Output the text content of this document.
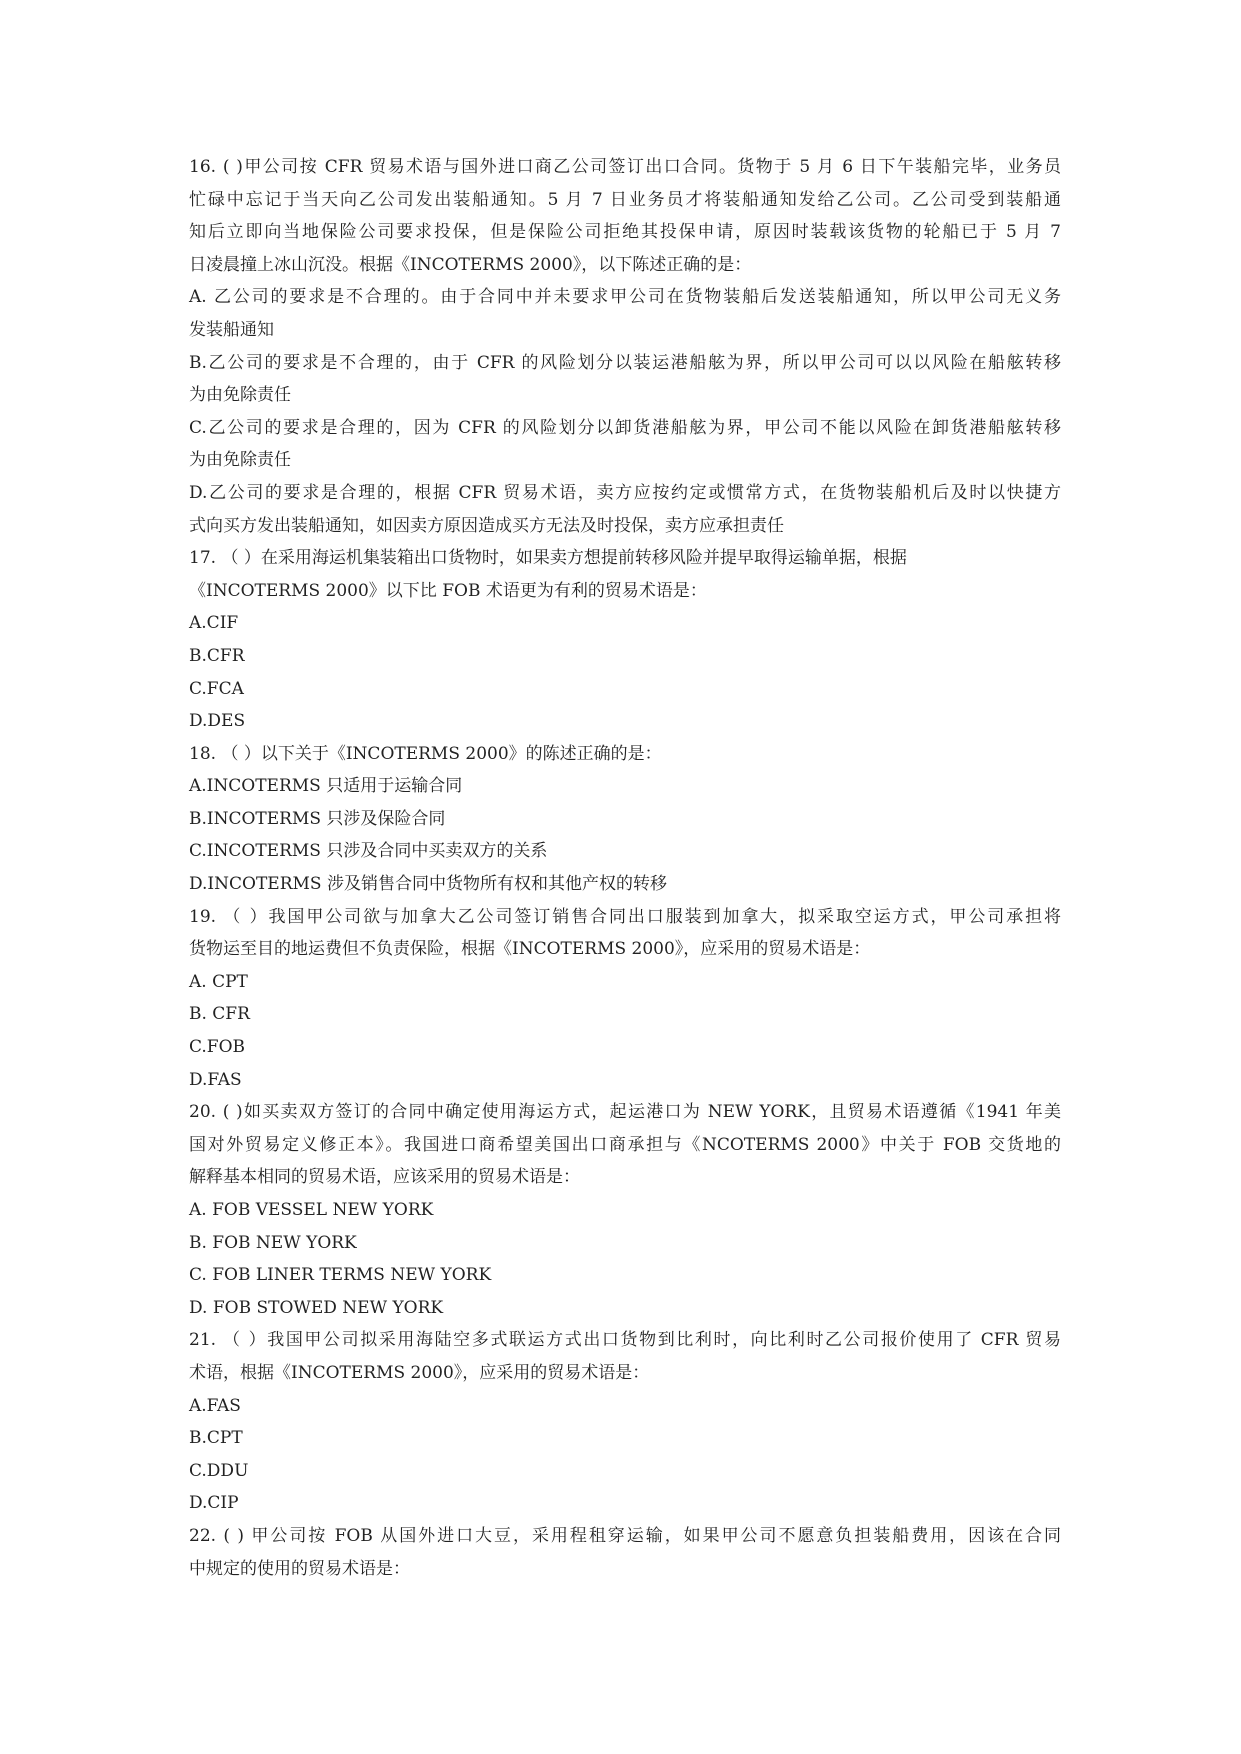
16. ( )甲公司按 CFR 贸易术语与国外进口商乙公司签订出口合同。货物于 5 月 6 日下午装船完毕，业务员
忙碌中忘记于当天向乙公司发出装船通知。5 月 7 日业务员才将装船通知发给乙公司。乙公司受到装船通
知后立即向当地保险公司要求投保，但是保险公司拒绝其投保申请，原因时装载该货物的轮船已于 5 月 7
日凌晨撞上冰山沉没。根据《INCOTERMS 2000》，以下陈述正确的是：
A. 乙公司的要求是不合理的。由于合同中并未要求甲公司在货物装船后发送装船通知，所以甲公司无义务
发装船通知
B.乙公司的要求是不合理的，由于 CFR 的风险划分以装运港船舷为界，所以甲公司可以以风险在船舷转移
为由免除责任
C.乙公司的要求是合理的，因为 CFR 的风险划分以卸货港船舷为界，甲公司不能以风险在卸货港船舷转移
为由免除责任
D.乙公司的要求是合理的，根据 CFR 贸易术语，卖方应按约定或惯常方式，在货物装船机后及时以快捷方
式向买方发出装船通知，如因卖方原因造成买方无法及时投保，卖方应承担责任
17. （ ）在采用海运机集装箱出口货物时，如果卖方想提前转移风险并提早取得运输单据，根据
《INCOTERMS 2000》以下比 FOB 术语更为有利的贸易术语是：
A.CIF
B.CFR
C.FCA
D.DES
18. （ ）以下关于《INCOTERMS 2000》的陈述正确的是：
A.INCOTERMS 只适用于运输合同
B.INCOTERMS 只涉及保险合同
C.INCOTERMS 只涉及合同中买卖双方的关系
D.INCOTERMS 涉及销售合同中货物所有权和其他产权的转移
19. （ ）我国甲公司欲与加拿大乙公司签订销售合同出口服装到加拿大，拟采取空运方式，甲公司承担将
货物运至目的地运费但不负责保险，根据《INCOTERMS 2000》，应采用的贸易术语是：
A. CPT
B. CFR
C.FOB
D.FAS
20. ( )如买卖双方签订的合同中确定使用海运方式，起运港口为 NEW YORK，且贸易术语遵循《1941 年美
国对外贸易定义修正本》。我国进口商希望美国出口商承担与《NCOTERMS 2000》中关于 FOB 交货地的
解释基本相同的贸易术语，应该采用的贸易术语是：
A. FOB VESSEL NEW YORK
B. FOB NEW YORK
C. FOB LINER TERMS NEW YORK
D. FOB STOWED NEW YORK
21. （ ）我国甲公司拟采用海陆空多式联运方式出口货物到比利时，向比利时乙公司报价使用了 CFR 贸易
术语，根据《INCOTERMS 2000》，应采用的贸易术语是：
A.FAS
B.CPT
C.DDU
D.CIP
22. ( ) 甲公司按 FOB 从国外进口大豆，采用程租穿运输，如果甲公司不愿意负担装船费用，因该在合同
中规定的使用的贸易术语是：
